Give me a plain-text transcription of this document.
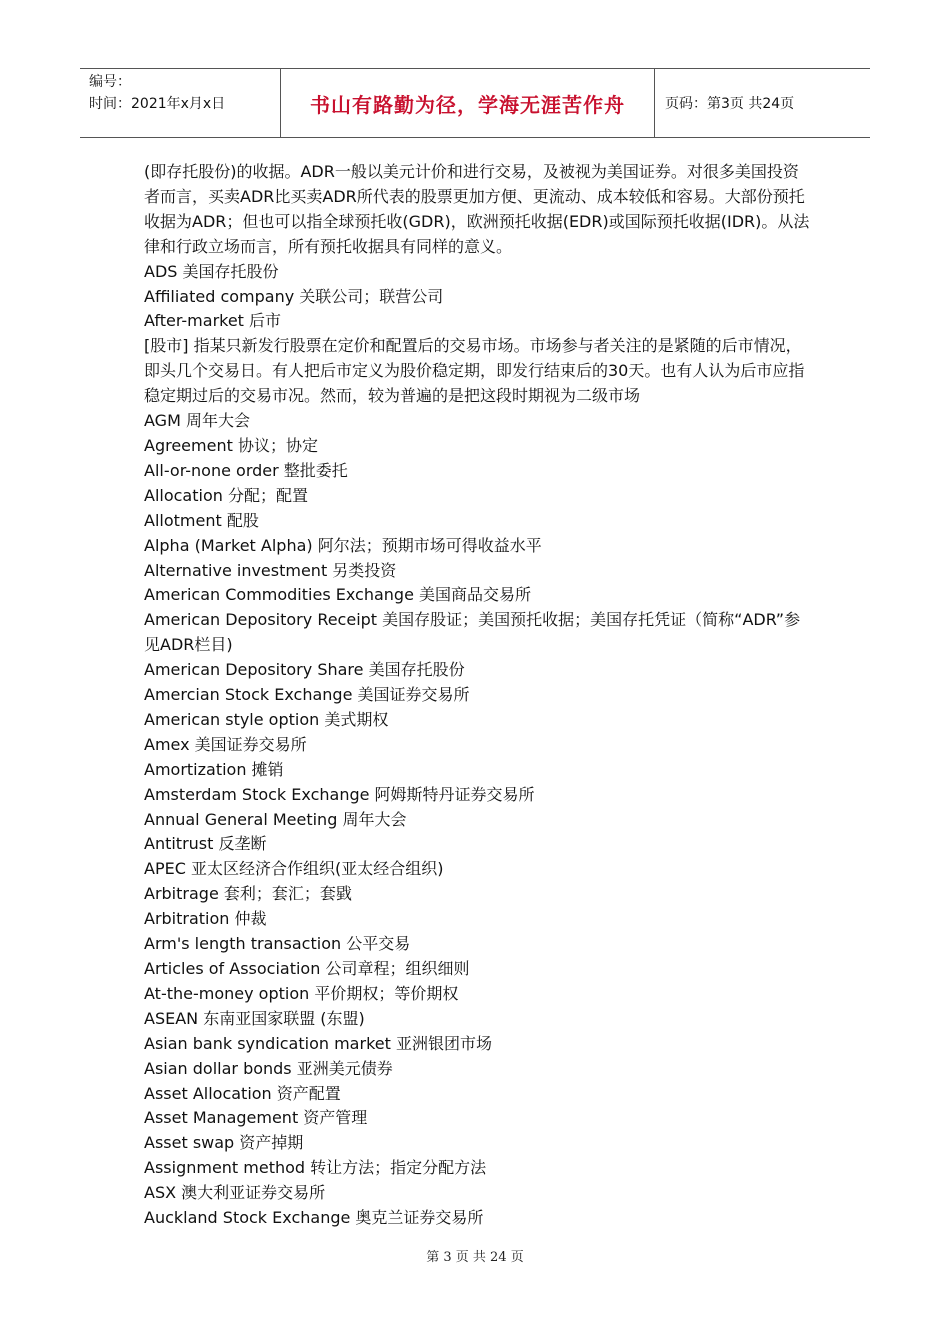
编号：
时间：2021年x月x日	书山有路勤为径，学海无涯苦作舟	页码：第3页 共24页

(即存托股份)的收据。ADR一般以美元计价和进行交易，及被视为美国证券。对很多美国投资者而言，买卖ADR比买卖ADR所代表的股票更加方便、更流动、成本较低和容易。大部份预托收据为ADR；但也可以指全球预托收(GDR)，欧洲预托收据(EDR)或国际预托收据(IDR)。从法律和行政立场而言，所有预托收据具有同样的意义。

ADS 美国存托股份

Affiliated company 关联公司；联营公司

After-market 后市

[股市] 指某只新发行股票在定价和配置后的交易市场。市场参与者关注的是紧随的后市情况，即头几个交易日。有人把后市定义为股价稳定期，即发行结束后的30天。也有人认为后市应指稳定期过后的交易市况。然而，较为普遍的是把这段时期视为二级市场

AGM 周年大会

Agreement 协议；协定

All-or-none order 整批委托

Allocation 分配；配置

Allotment 配股

Alpha (Market Alpha) 阿尔法；预期市场可得收益水平

Alternative investment 另类投资

American Commodities Exchange 美国商品交易所

American Depository Receipt 美国存股证；美国预托收据；美国存托凭证（简称“ADR”参见ADR栏目)

American Depository Share 美国存托股份

Amercian Stock Exchange 美国证券交易所

American style option 美式期权

Amex 美国证券交易所

Amortization 摊销

Amsterdam Stock Exchange 阿姆斯特丹证券交易所

Annual General Meeting 周年大会

Antitrust 反垄断

APEC 亚太区经济合作组织(亚太经合组织)

Arbitrage 套利；套汇；套戥

Arbitration 仲裁

Arm's length transaction 公平交易

Articles of Association 公司章程；组织细则

At-the-money option 平价期权；等价期权

ASEAN 东南亚国家联盟 (东盟)

Asian bank syndication market 亚洲银团市场

Asian dollar bonds 亚洲美元债券

Asset Allocation 资产配置

Asset Management 资产管理

Asset swap 资产掉期

Assignment method 转让方法；指定分配方法

ASX 澳大利亚证券交易所

Auckland Stock Exchange 奥克兰证券交易所

第 3 页 共 24 页
